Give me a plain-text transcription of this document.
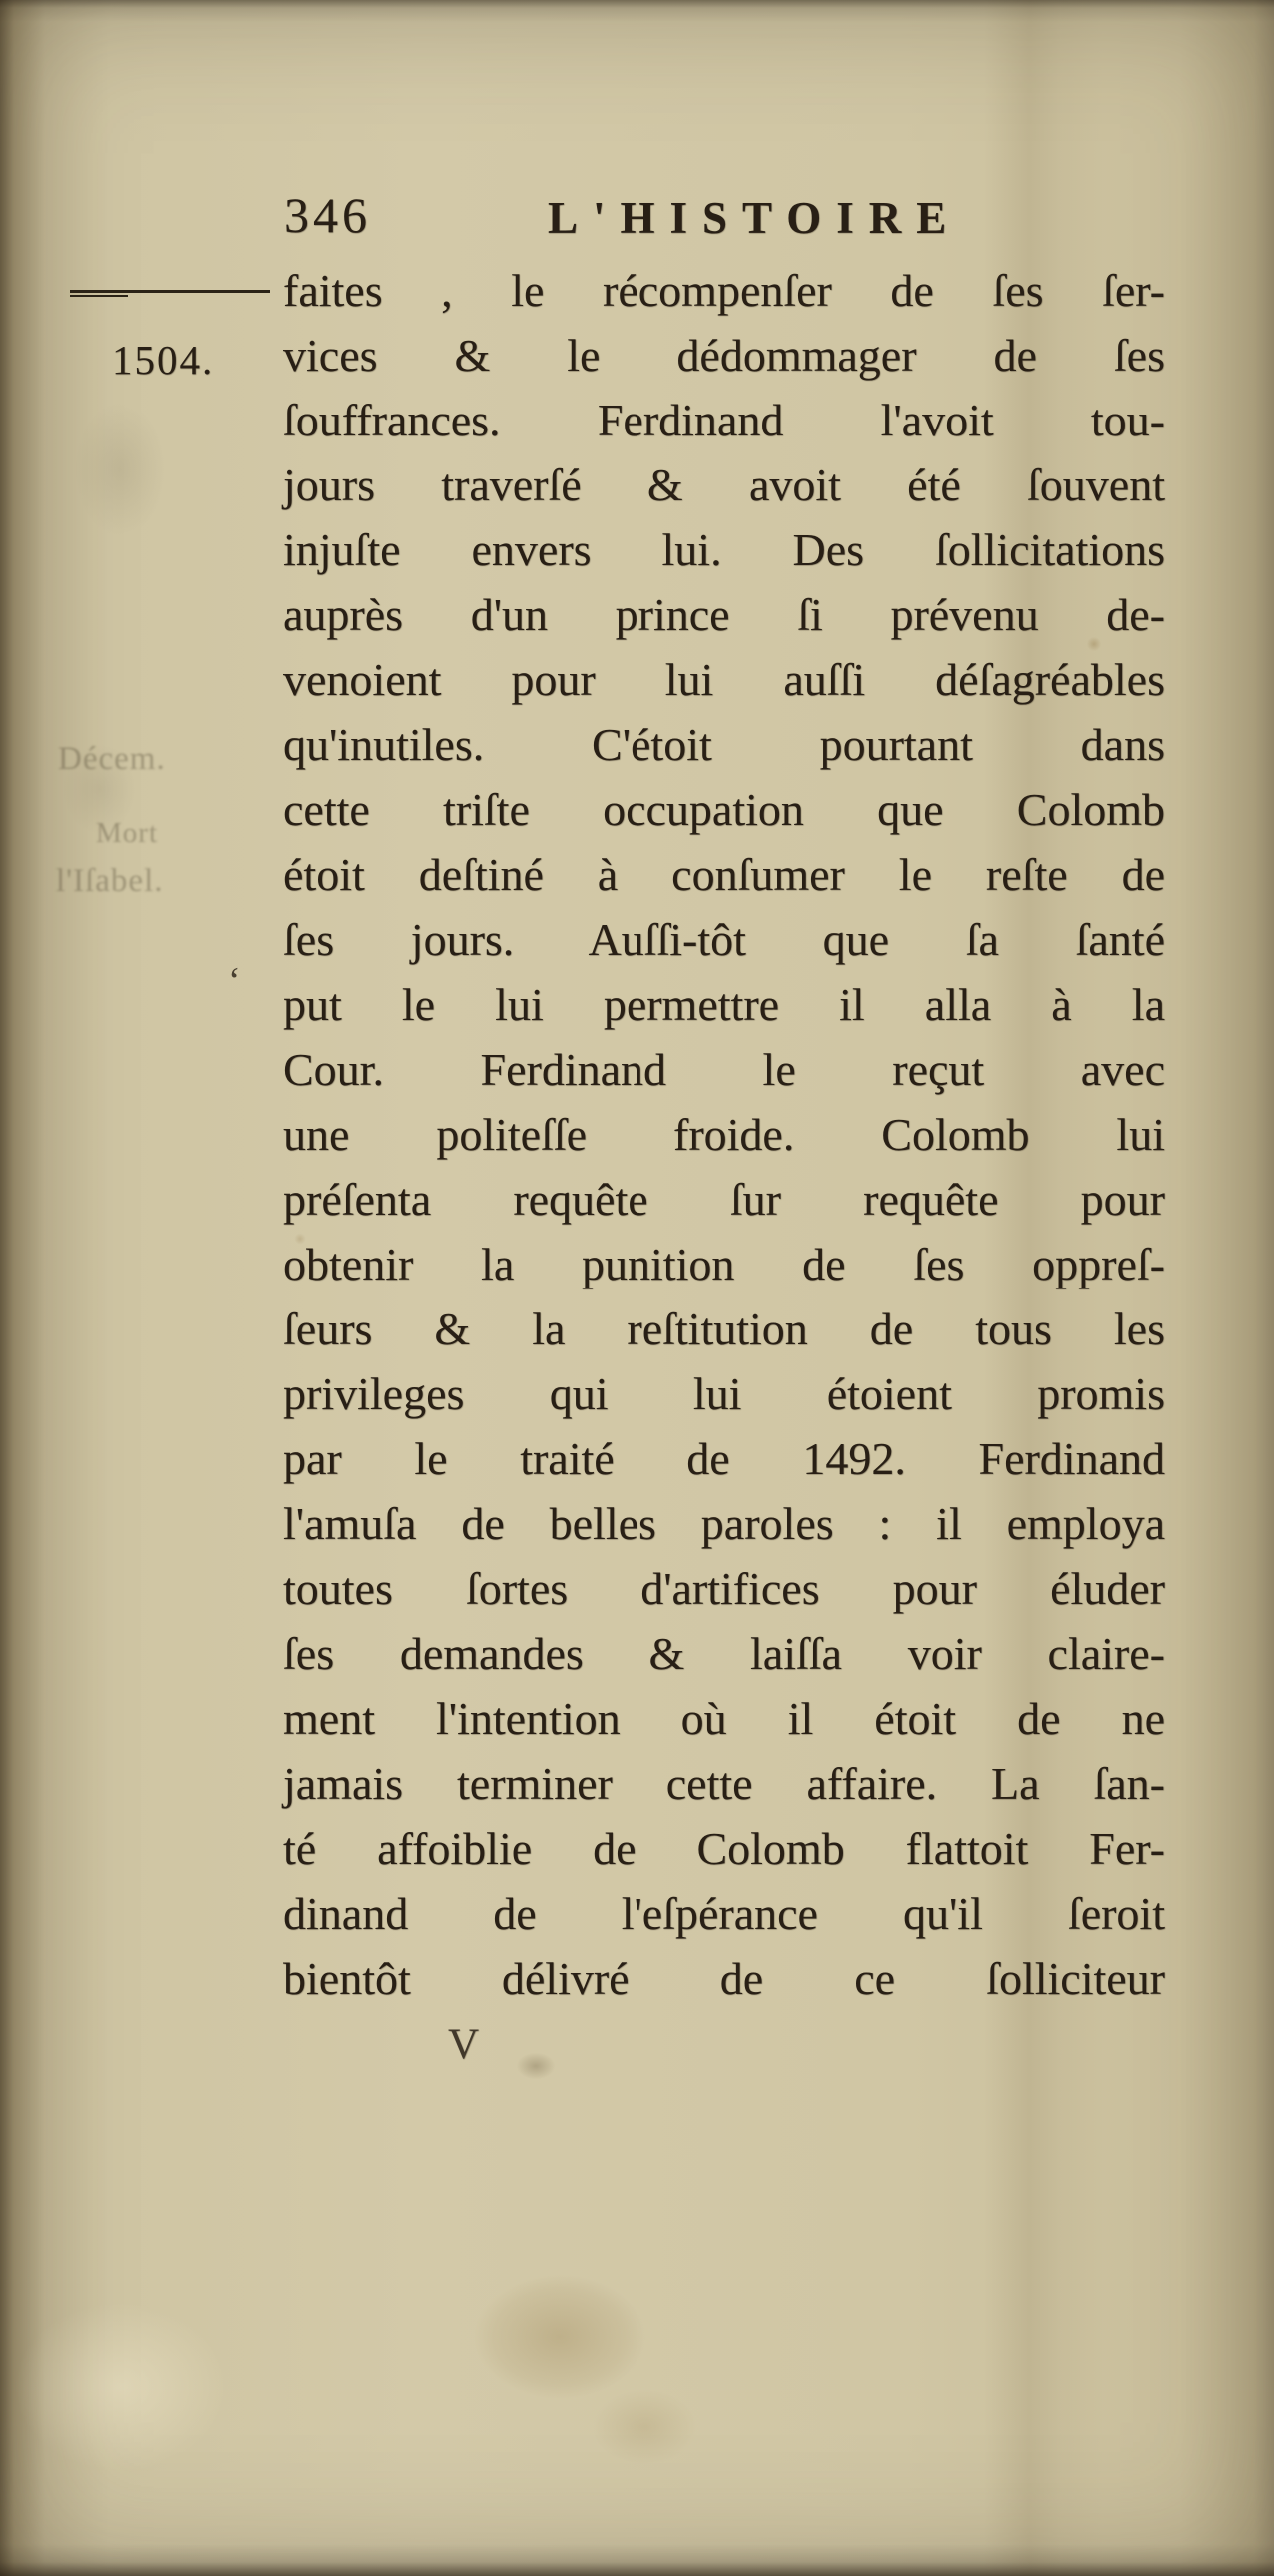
Décem.
Mort
l'Iſabel.
346	L'HISTOIRE
1504.
‘
faites , le récompenſer de ſes ſer-
vices & le dédommager de ſes
ſouffrances. Ferdinand l'avoit tou-
jours traverſé & avoit été ſouvent
injuſte envers lui. Des ſollicitations
auprès d'un prince ſi prévenu de-
venoient pour lui auſſi déſagréables
qu'inutiles. C'étoit pourtant dans
cette triſte occupation que Colomb
étoit deſtiné à conſumer le reſte de
ſes jours. Auſſi-tôt que ſa ſanté
put le lui permettre il alla à la
Cour. Ferdinand le reçut avec
une politeſſe froide. Colomb lui
préſenta requête ſur requête pour
obtenir la punition de ſes oppreſ-
ſeurs & la reſtitution de tous les
privileges qui lui étoient promis
par le traité de 1492. Ferdinand
l'amuſa de belles paroles : il employa
toutes ſortes d'artifices pour éluder
ſes demandes & laiſſa voir claire-
ment l'intention où il étoit de ne
jamais terminer cette affaire. La ſan-
té affoiblie de Colomb flattoit Fer-
dinand de l'eſpérance qu'il ſeroit
bientôt délivré de ce ſolliciteur
V
